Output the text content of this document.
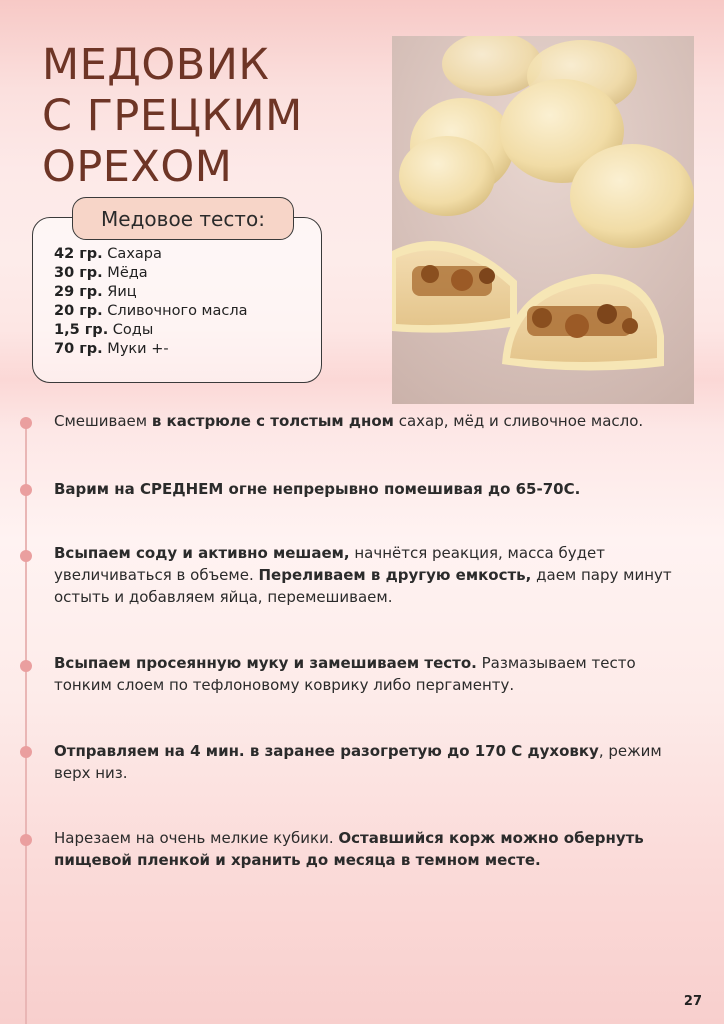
МЕДОВИК
С ГРЕЦКИМ
ОРЕХОМ
Медовое тесто:
42 гр. Сахара
30 гр. Мёда
29 гр. Яиц
20 гр. Сливочного масла
1,5 гр. Соды
70 гр. Муки +-

Смешиваем в кастрюле с толстым дном сахар, мёд и сливочное масло.

Варим на СРЕДНЕМ огне непрерывно помешивая до 65-70С.

Всыпаем соду и активно мешаем, начнётся реакция, масса будет увеличиваться в объеме. Переливаем в другую емкость, даем пару минут остыть и добавляем яйца, перемешиваем.

Всыпаем просеянную муку и замешиваем тесто. Размазываем тесто тонким слоем по тефлоновому коврику либо пергаменту.

Отправляем на 4 мин. в заранее разогретую до 170 С духовку, режим верх низ.

Нарезаем на очень мелкие кубики. Оставшийся корж можно обернуть пищевой пленкой и хранить до месяца в темном месте.

27
